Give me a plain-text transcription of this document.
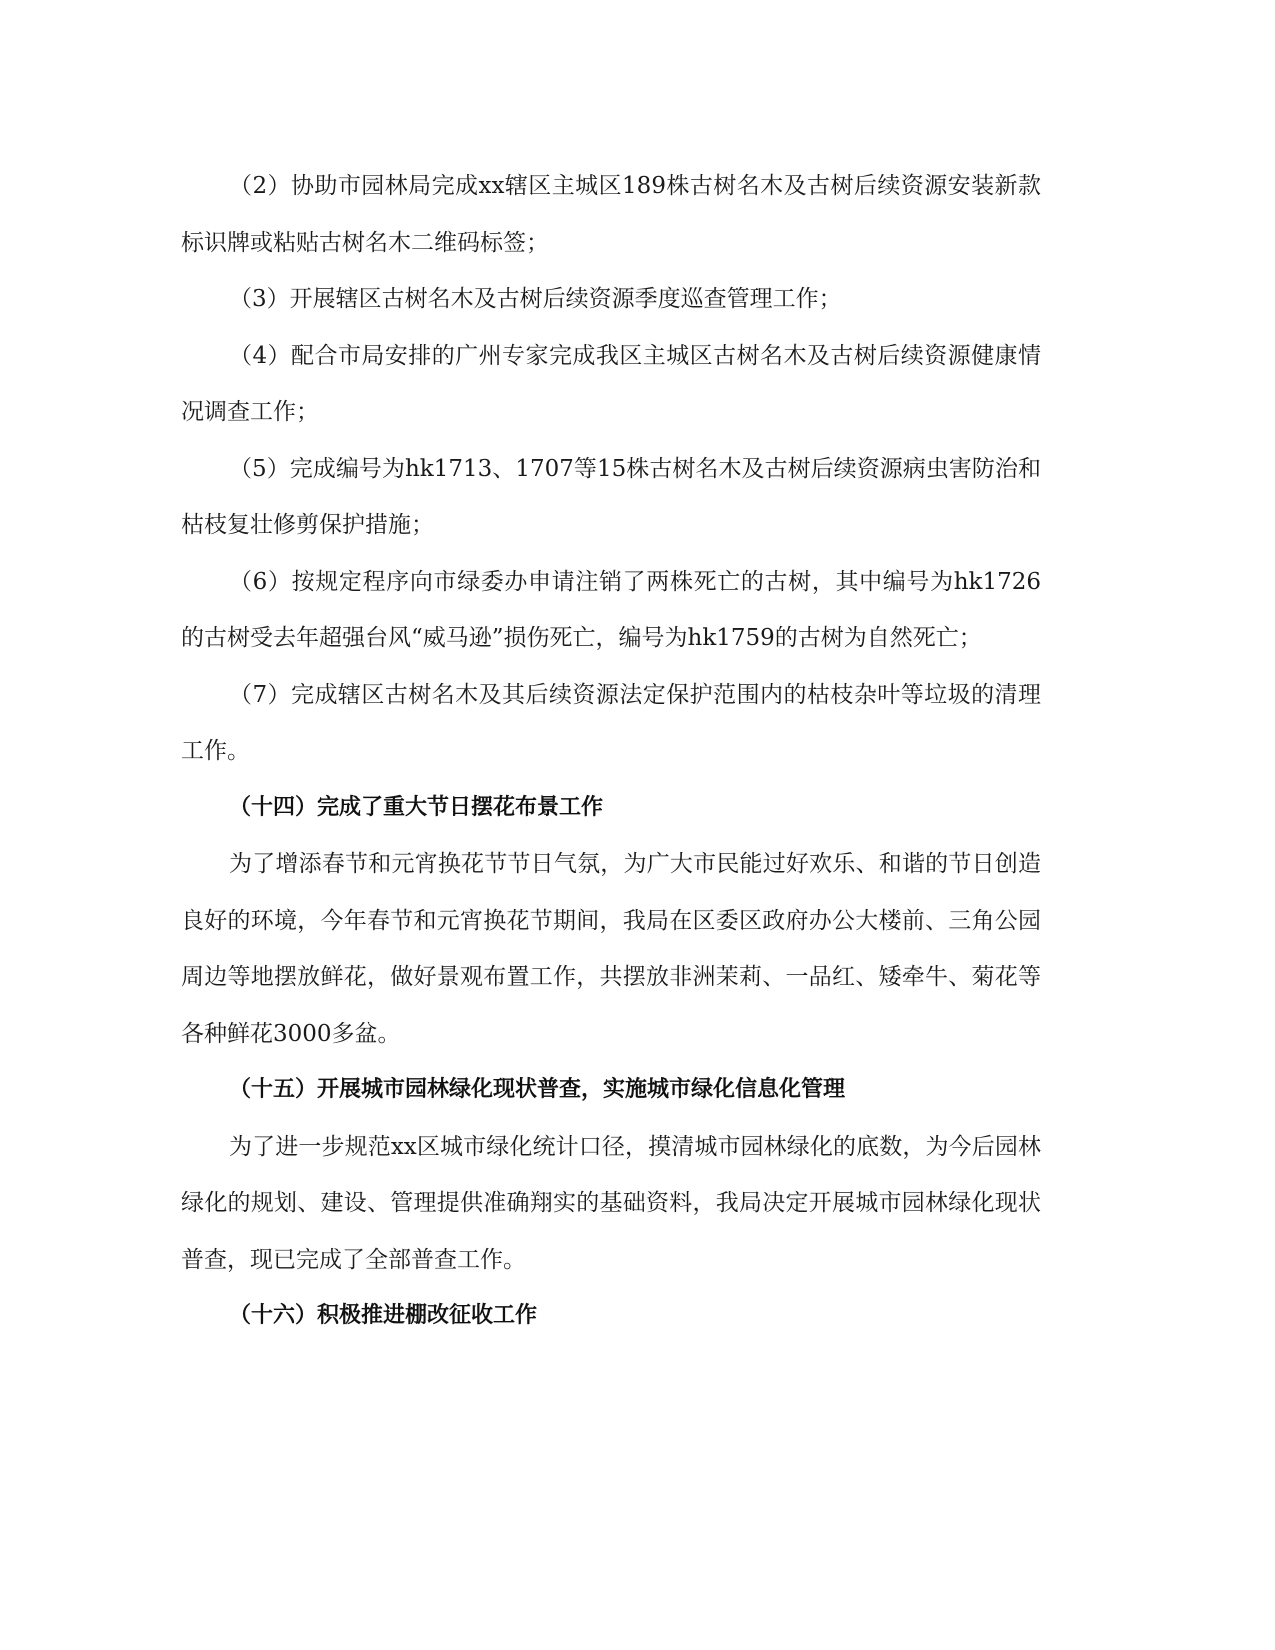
（2）协助市园林局完成xx辖区主城区189株古树名木及古树后续资源安装新款标识牌或粘贴古树名木二维码标签；

（3）开展辖区古树名木及古树后续资源季度巡查管理工作；

（4）配合市局安排的广州专家完成我区主城区古树名木及古树后续资源健康情况调查工作；

（5）完成编号为hk1713、1707等15株古树名木及古树后续资源病虫害防治和枯枝复壮修剪保护措施；

（6）按规定程序向市绿委办申请注销了两株死亡的古树，其中编号为hk1726的古树受去年超强台风“威马逊”损伤死亡，编号为hk1759的古树为自然死亡；

（7）完成辖区古树名木及其后续资源法定保护范围内的枯枝杂叶等垃圾的清理工作。

（十四）完成了重大节日摆花布景工作

为了增添春节和元宵换花节节日气氛，为广大市民能过好欢乐、和谐的节日创造良好的环境，今年春节和元宵换花节期间，我局在区委区政府办公大楼前、三角公园周边等地摆放鲜花，做好景观布置工作，共摆放非洲茉莉、一品红、矮牵牛、菊花等各种鲜花3000多盆。

（十五）开展城市园林绿化现状普查，实施城市绿化信息化管理

为了进一步规范xx区城市绿化统计口径，摸清城市园林绿化的底数，为今后园林绿化的规划、建设、管理提供准确翔实的基础资料，我局决定开展城市园林绿化现状普查，现已完成了全部普查工作。

（十六）积极推进棚改征收工作
